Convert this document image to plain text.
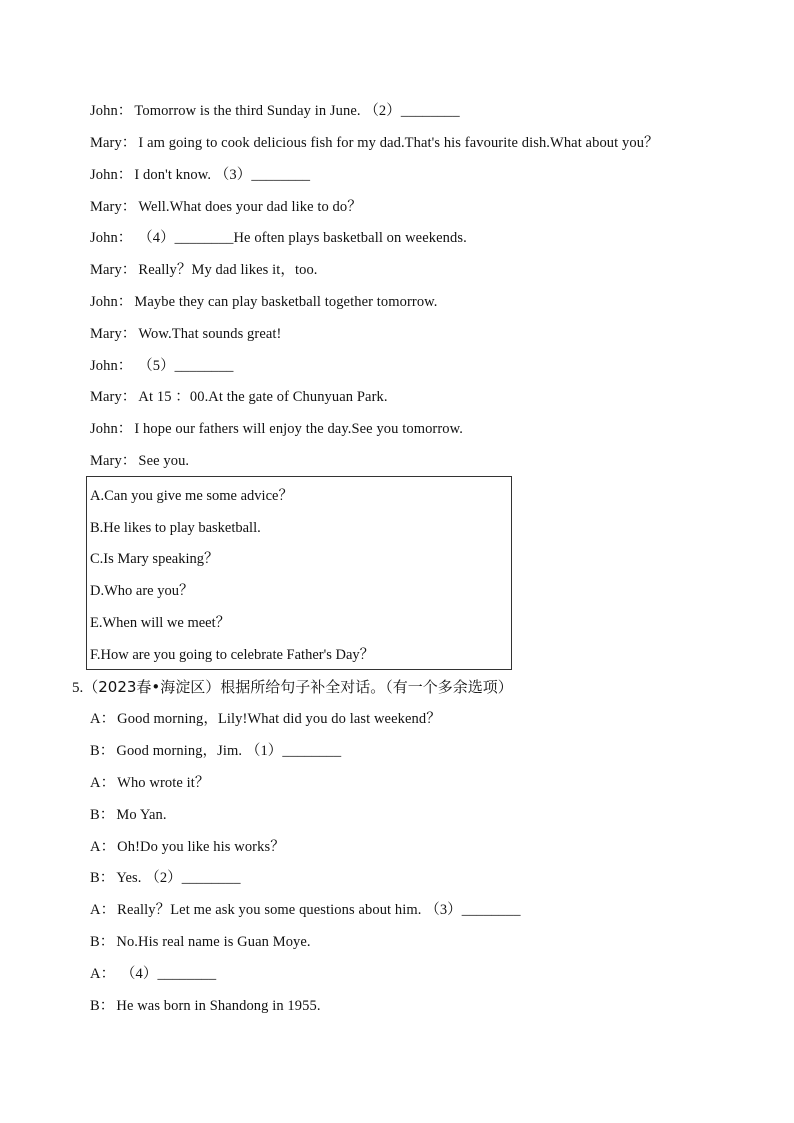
John： Tomorrow is the third Sunday in June. （2）________
Mary： I am going to cook delicious fish for my dad.That's his favourite dish.What about you？
John： I don't know. （3）________
Mary： Well.What does your dad like to do？
John： （4）________He often plays basketball on weekends.
Mary： Really？My dad likes it，too.
John： Maybe they can play basketball together tomorrow.
Mary： Wow.That sounds great!
John： （5）________
Mary： At 15 ：00.At the gate of Chunyuan Park.
John： I hope our fathers will enjoy the day.See you tomorrow.
Mary： See you.
A.Can you give me some advice？
B.He likes to play basketball.
C.Is Mary speaking？
D.Who are you？
E.When will we meet？
F.How are you going to celebrate Father's Day？
5.（2023春•海淀区）根据所给句子补全对话。（有一个多余选项）
A： Good morning，Lily!What did you do last weekend？
B： Good morning，Jim. （1）________
A： Who wrote it？
B： Mo Yan.
A： Oh!Do you like his works？
B： Yes. （2）________
A： Really？Let me ask you some questions about him. （3）________
B： No.His real name is Guan Moye.
A： （4）________
B： He was born in Shandong in 1955.
